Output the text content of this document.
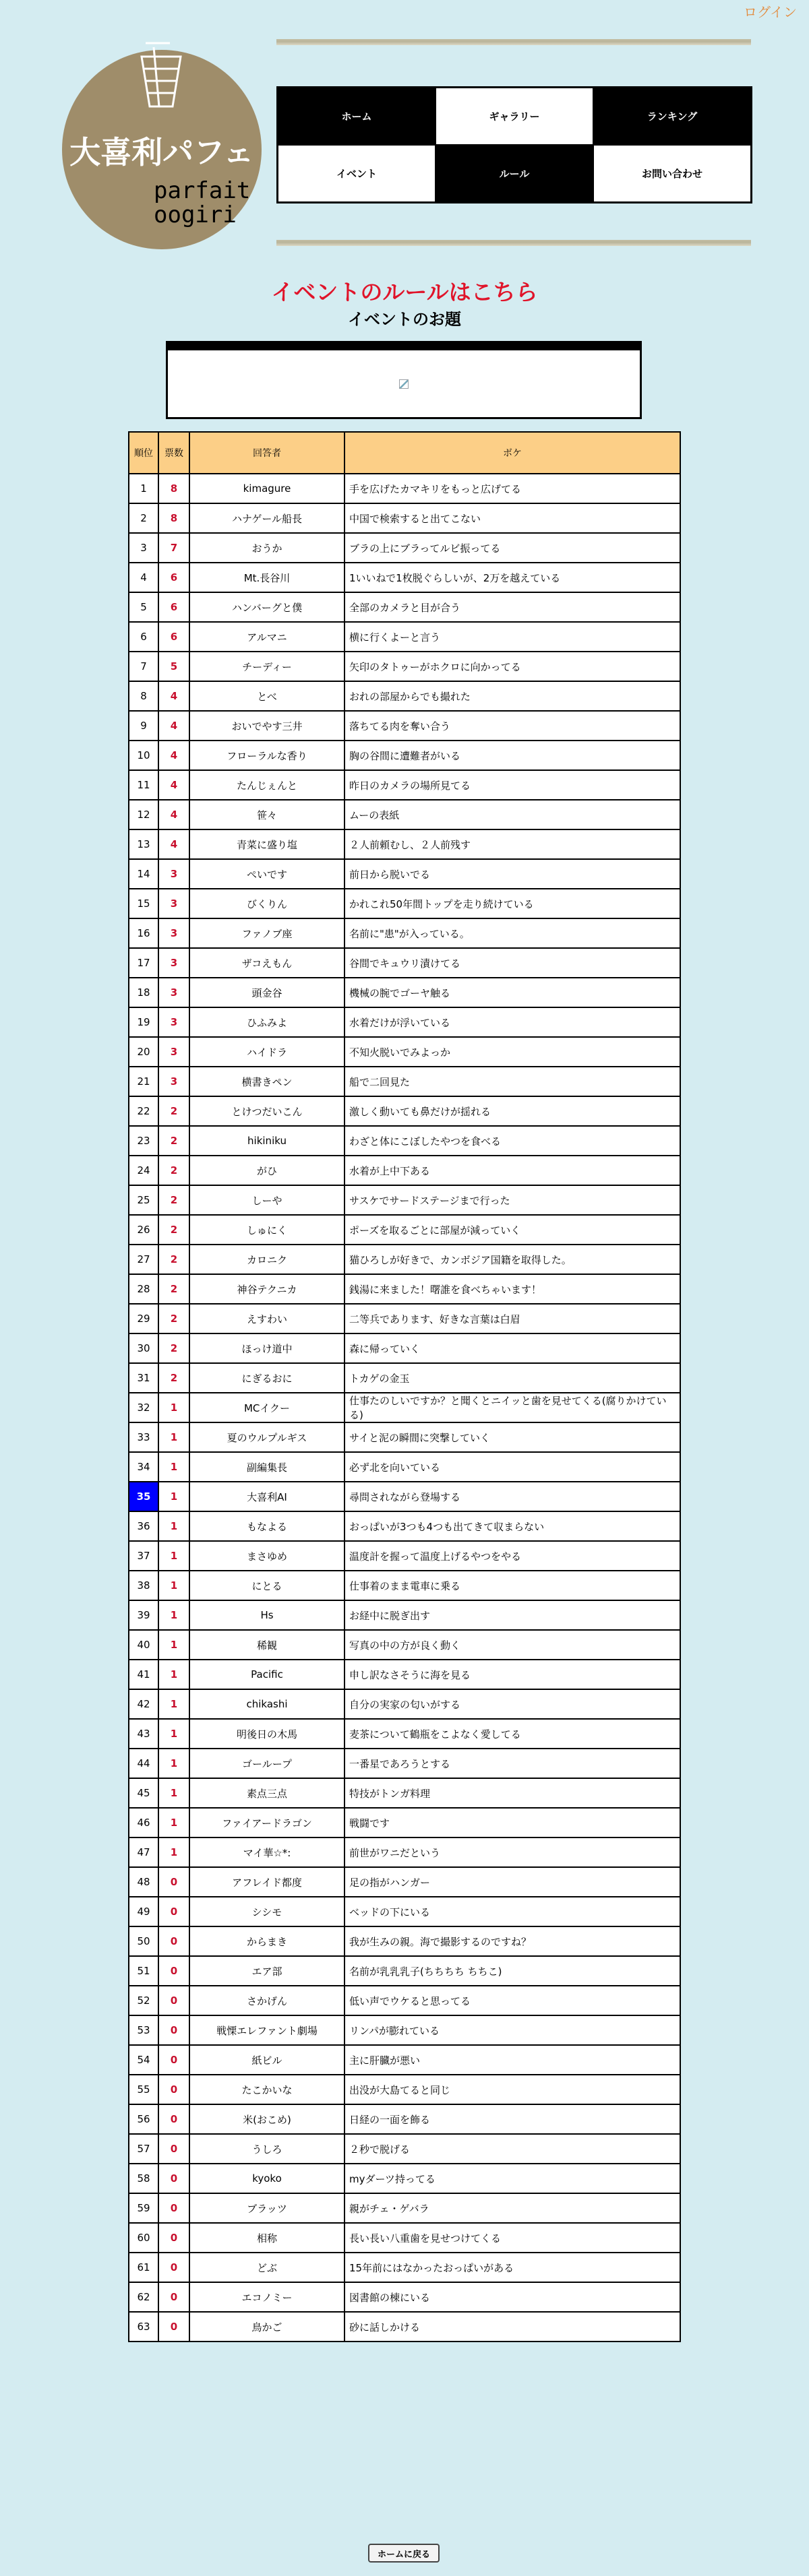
ログイン
大喜利パフェ
parfait
oogiri
ホーム	ギャラリー	ランキング
イベント	ルール	お問い合わせ
イベントのルールはこちら
イベントのお題
順位	票数	回答者	ボケ
1	8	kimagure	手を広げたカマキリをもっと広げてる
2	8	ハナゲール船長	中国で検索すると出てこない
3	7	おうか	ブラの上にブラってルビ振ってる
4	6	Mt.長谷川	1いいねで1枚脱ぐらしいが、2万を越えている
5	6	ハンバーグと僕	全部のカメラと目が合う
6	6	アルマニ	横に行くよーと言う
7	5	チーディー	矢印のタトゥーがホクロに向かってる
8	4	とべ	おれの部屋からでも撮れた
9	4	おいでやす三井	落ちてる肉を奪い合う
10	4	フローラルな香り	胸の谷間に遭難者がいる
11	4	たんじぇんと	昨日のカメラの場所見てる
12	4	笹々	ムーの表紙
13	4	青菜に盛り塩	２人前頼むし、２人前残す
14	3	ぺいです	前日から脱いでる
15	3	びくりん	かれこれ50年間トップを走り続けている
16	3	ファノブ座	名前に"患"が入っている。
17	3	ザコえもん	谷間でキュウリ漬けてる
18	3	頭金谷	機械の腕でゴーヤ触る
19	3	ひふみよ	水着だけが浮いている
20	3	ハイドラ	不知火脱いでみよっか
21	3	横書きペン	船で二回見た
22	2	とけつだいこん	激しく動いても鼻だけが揺れる
23	2	hikiniku	わざと体にこぼしたやつを食べる
24	2	がひ	水着が上中下ある
25	2	しーや	サスケでサードステージまで行った
26	2	しゅにく	ポーズを取るごとに部屋が減っていく
27	2	カロニク	猫ひろしが好きで、カンボジア国籍を取得した。
28	2	神谷テクニカ	銭湯に来ました！曙誰を食べちゃいます！
29	2	えすわい	二等兵であります、好きな言葉は白眉
30	2	ほっけ道中	森に帰っていく
31	2	にぎるおに	トカゲの金玉
32	1	MCイクー	仕事たのしいですか？と聞くとニイッと歯を見せてくる(腐りかけている)
33	1	夏のウルプルギス	サイと泥の瞬間に突撃していく
34	1	副編集長	必ず北を向いている
35	1	大喜利AI	尋問されながら登場する
36	1	もなよる	おっぱいが3つも4つも出てきて収まらない
37	1	まさゆめ	温度計を握って温度上げるやつをやる
38	1	にとる	仕事着のまま電車に乗る
39	1	Hs	お経中に脱ぎ出す
40	1	稀観	写真の中の方が良く動く
41	1	Pacific	申し訳なさそうに海を見る
42	1	chikashi	自分の実家の匂いがする
43	1	明後日の木馬	麦茶について鶴瓶をこよなく愛してる
44	1	ゴーループ	一番星であろうとする
45	1	素点三点	特技がトンガ料理
46	1	ファイアードラゴン	戦闘です
47	1	マイ華☆*:	前世がワニだという
48	0	アフレイド都度	足の指がハンガー
49	0	シシモ	ベッドの下にいる
50	0	からまき	我が生みの親。海で撮影するのですね？
51	0	エア部	名前が乳乳乳子(ちちちち ちちこ)
52	0	さかげん	低い声でウケると思ってる
53	0	戦慄エレファント劇場	リンパが膨れている
54	0	紙ビル	主に肝臓が悪い
55	0	たこかいな	出没が大島てると同じ
56	0	米(おこめ)	日経の一面を飾る
57	0	うしろ	２秒で脱げる
58	0	kyoko	myダーツ持ってる
59	0	ブラッツ	親がチェ・ゲバラ
60	0	相称	長い長い八重歯を見せつけてくる
61	0	どぶ	15年前にはなかったおっぱいがある
62	0	エコノミー	図書館の棟にいる
63	0	鳥かご	砂に話しかける
ホームに戻る
